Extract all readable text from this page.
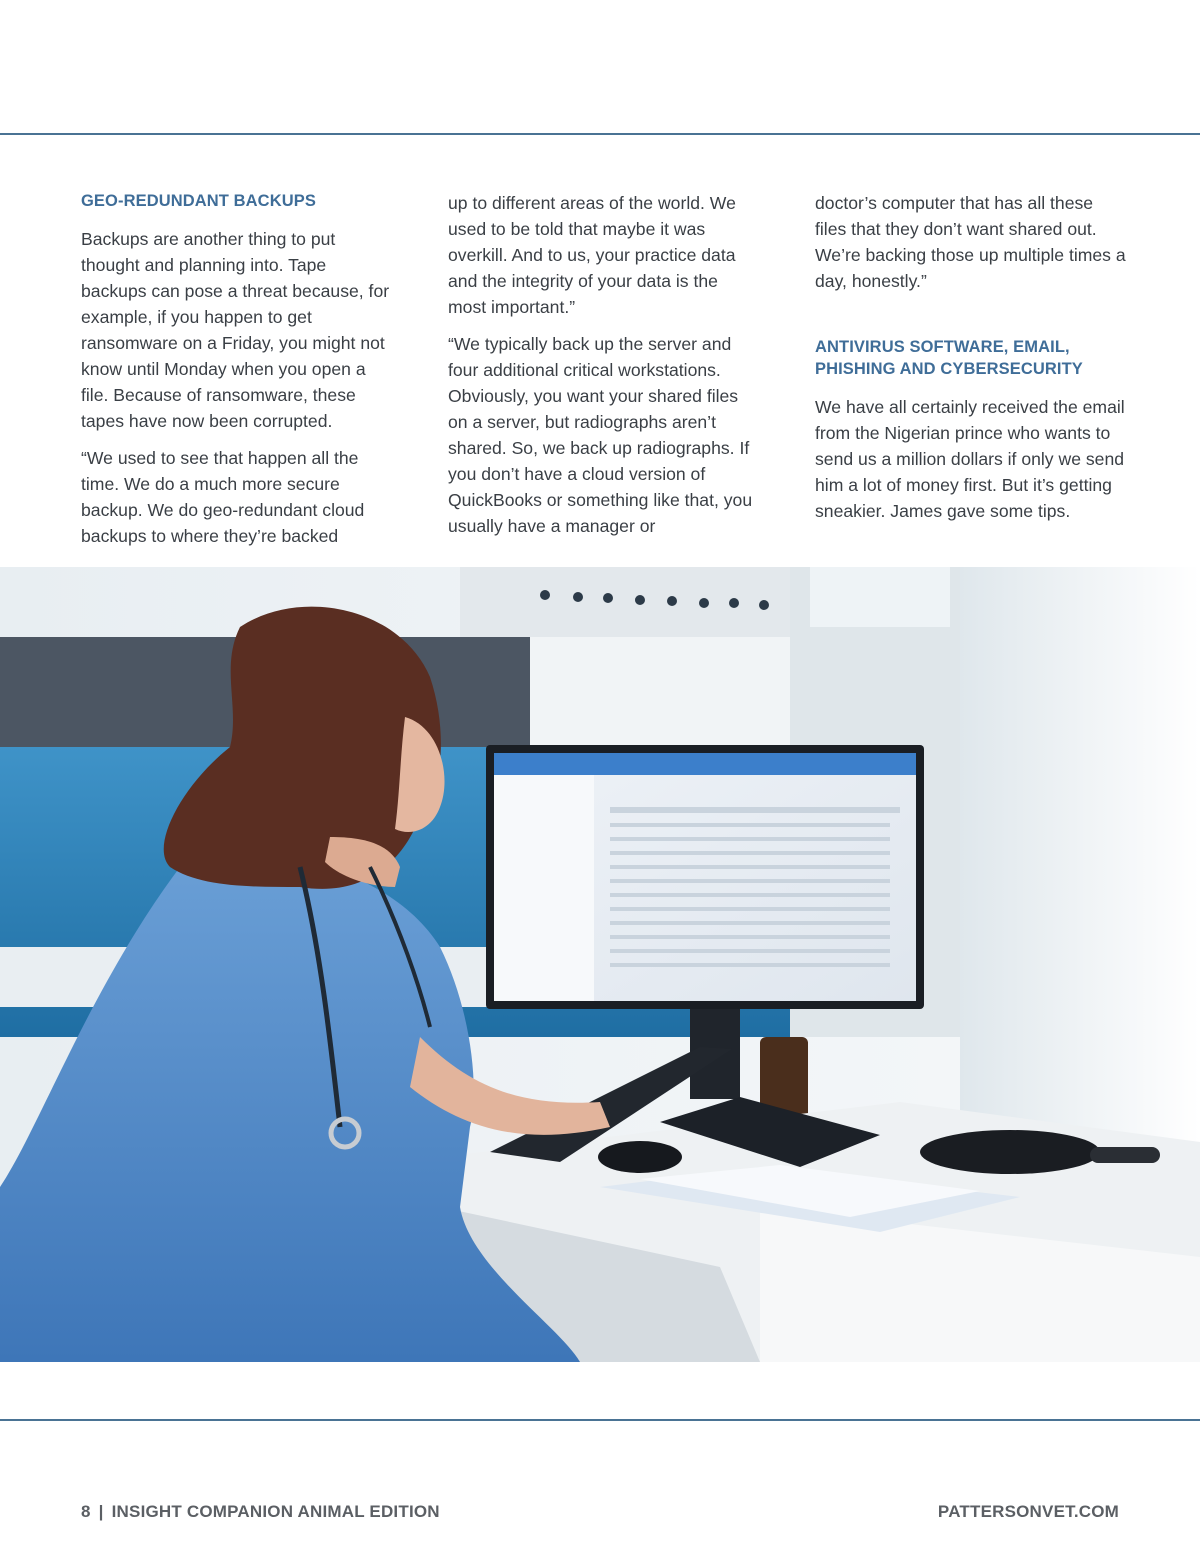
GEO-REDUNDANT BACKUPS

Backups are another thing to put thought and planning into. Tape backups can pose a threat because, for example, if you happen to get ransomware on a Friday, you might not know until Monday when you open a file. Because of ransomware, these tapes have now been corrupted.

“We used to see that happen all the time. We do a much more secure backup. We do geo-redundant cloud backups to where they’re backed

up to different areas of the world. We used to be told that maybe it was overkill. And to us, your practice data and the integrity of your data is the most important.”

“We typically back up the server and four additional critical workstations. Obviously, you want your shared files on a server, but radiographs aren’t shared. So, we back up radiographs. If you don’t have a cloud version of QuickBooks or something like that, you usually have a manager or

doctor’s computer that has all these files that they don’t want shared out. We’re backing those up multiple times a day, honestly.”

ANTIVIRUS SOFTWARE, EMAIL,
PHISHING AND CYBERSECURITY

We have all certainly received the email from the Nigerian prince who wants to send us a million dollars if only we send him a lot of money first. But it’s getting sneakier. James gave some tips.

8 | INSIGHT COMPANION ANIMAL EDITION	PATTERSONVET.COM
